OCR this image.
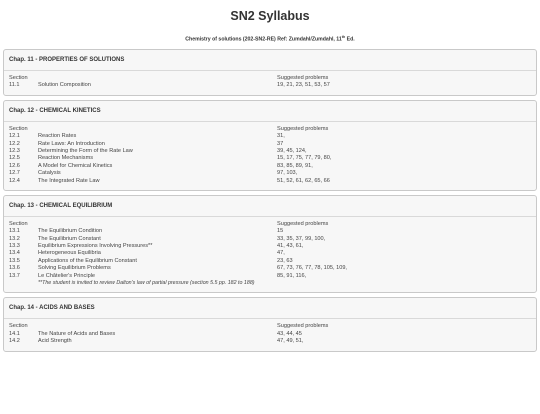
SN2 Syllabus
Chemistry of solutions (202-SN2-RE) Ref: Zumdahl/Zumdahl, 11th Ed.
Chap. 11 - PROPERTIES OF SOLUTIONS
Section	Suggested problems
11.1	Solution Composition	19, 21, 23, 51, 53, 57
Chap. 12 - CHEMICAL KINETICS
Section	Suggested problems
12.1	Reaction Rates	31,
12.2	Rate Laws: An Introduction	37
12.3	Determining the Form of the Rate Law	39, 45, 124,
12.5	Reaction Mechanisms	15, 17, 75, 77, 79, 80,
12.6	A Model for Chemical Kinetics	83, 85, 89, 91,
12.7	Catalysis	97, 103,
12.4	The Integrated Rate Law	51, 52, 61, 62, 65, 66
Chap. 13 - CHEMICAL EQUILIBRIUM
Section	Suggested problems
13.1	The Equilibrium Condition	15
13.2	The Equilibrium Constant	33, 35, 37, 99, 100,
13.3	Equilibrium Expressions Involving Pressures**	41, 43, 61,
13.4	Heterogeneous Equilibria	47,
13.5	Applications of the Equilibrium Constant	23, 63
13.6	Solving Equilibrium Problems	67, 73, 76, 77, 78, 105, 109,
13.7	Le Châtelier's Principle	85, 91, 116,
**The student is invited to review Dalton's law of partial pressure (section 5.5 pp. 182 to 188)
Chap. 14 - ACIDS AND BASES
Section	Suggested problems
14.1	The Nature of Acids and Bases	43, 44, 45
14.2	Acid Strength	47, 49, 51,
